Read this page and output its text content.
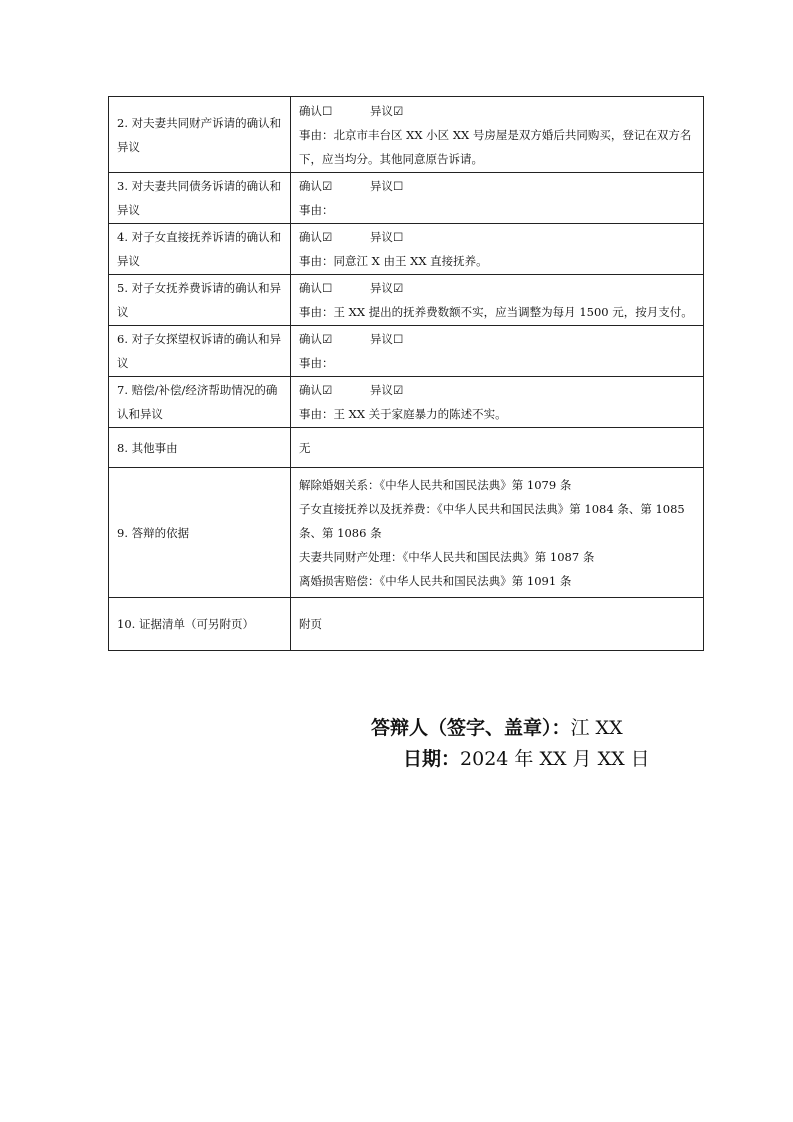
2. 对夫妻共同财产诉请的确认和异议	确认☐ 异议☑
事由：北京市丰台区 XX 小区 XX 号房屋是双方婚后共同购买，登记在双方名下，应当均分。其他同意原告诉请。

3. 对夫妻共同债务诉请的确认和异议	确认☑ 异议☐
事由：

4. 对子女直接抚养诉请的确认和异议	确认☑ 异议☐
事由：同意江 X 由王 XX 直接抚养。

5. 对子女抚养费诉请的确认和异议	确认☐ 异议☑
事由：王 XX 提出的抚养费数额不实，应当调整为每月 1500 元，按月支付。

6. 对子女探望权诉请的确认和异议	确认☑ 异议☐
事由：

7. 赔偿/补偿/经济帮助情况的确认和异议	确认☑ 异议☑
事由：王 XX 关于家庭暴力的陈述不实。

8. 其他事由	无
9. 答辩的依据	解除婚姻关系：《中华人民共和国民法典》第 1079 条
子女直接抚养以及抚养费：《中华人民共和国民法典》第 1084 条、第 1085 条、第 1086 条
夫妻共同财产处理：《中华人民共和国民法典》第 1087 条
离婚损害赔偿：《中华人民共和国民法典》第 1091 条

10. 证据清单（可另附页）	附页
答辩人（签字、盖章）：江 XX
日期：2024 年 XX 月 XX 日
